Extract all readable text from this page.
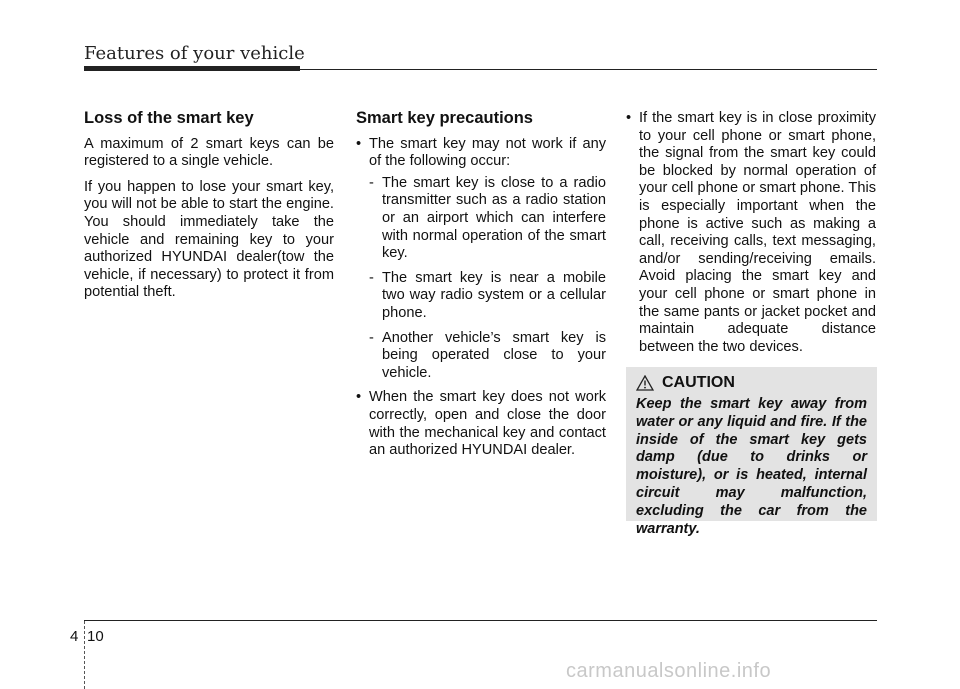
Features of your vehicle
Loss of the smart key

A maximum of 2 smart keys can be registered to a single vehicle.

If you happen to lose your smart key, you will not be able to start the engine. You should immediately take the vehicle and remaining key to your authorized HYUNDAI dealer(tow the vehicle, if necessary) to protect it from potential theft.

Smart key precautions
• The smart key may not work if any of the following occur:
- The smart key is close to a radio transmitter such as a radio station or an airport which can interfere with normal operation of the smart key.
- The smart key is near a mobile two way radio system or a cellular phone.
- Another vehicle’s smart key is being operated close to your vehicle.
• When the smart key does not work correctly, open and close the door with the mechanical key and contact an authorized HYUNDAI dealer.
• If the smart key is in close proximity to your cell phone or smart phone, the signal from the smart key could be blocked by normal operation of your cell phone or smart phone. This is especially important when the phone is active such as making a call, receiving calls, text messaging, and/or sending/receiving emails. Avoid placing the smart key and your cell phone or smart phone in the same pants or jacket pocket and maintain adequate distance between the two devices.
CAUTION
Keep the smart key away from water or any liquid and fire. If the inside of the smart key gets damp (due to drinks or moisture), or is heated, internal circuit may malfunction, excluding the car from the warranty.
4 10
carmanualsonline.info
